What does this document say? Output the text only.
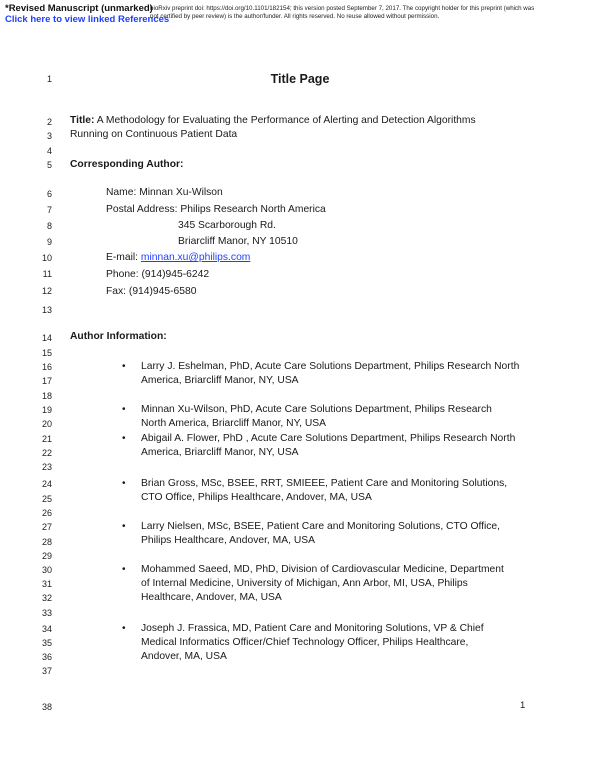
bioRxiv preprint doi: https://doi.org/10.1101/182154; this version posted September 7, 2017. The copyright holder for this preprint (which was
not certified by peer review) is the author/funder. All rights reserved. No reuse allowed without permission.
*Revised Manuscript (unmarked)
Click here to view linked References
1
2
3
4
5
6
7
8
9
10
11
12
13
14
15
16
17
18
19
20
21
22
23
24
25
26
27
28
29
30
31
32
33
34
35
36
37
38
Title Page
Title: A Methodology for Evaluating the Performance of Alerting and Detection Algorithms
Running on Continuous Patient Data
Corresponding Author:
Name: Minnan Xu-Wilson
Postal Address: Philips Research North America
345 Scarborough Rd.
Briarcliff Manor, NY 10510
E-mail: minnan.xu@philips.com
Phone: (914)945-6242
Fax: (914)945-6580
Author Information:
• Larry J. Eshelman, PhD, Acute Care Solutions Department, Philips Research North
America, Briarcliff Manor, NY, USA
• Minnan Xu-Wilson, PhD, Acute Care Solutions Department, Philips Research
North America, Briarcliff Manor, NY, USA
• Abigail A. Flower, PhD , Acute Care Solutions Department, Philips Research North
America, Briarcliff Manor, NY, USA
• Brian Gross, MSc, BSEE, RRT, SMIEEE, Patient Care and Monitoring Solutions,
CTO Office, Philips Healthcare, Andover, MA, USA
• Larry Nielsen, MSc, BSEE, Patient Care and Monitoring Solutions, CTO Office,
Philips Healthcare, Andover, MA, USA
• Mohammed Saeed, MD, PhD, Division of Cardiovascular Medicine, Department
of Internal Medicine, University of Michigan, Ann Arbor, MI, USA, Philips
Healthcare, Andover, MA, USA
• Joseph J. Frassica, MD, Patient Care and Monitoring Solutions, VP & Chief
Medical Informatics Officer/Chief Technology Officer, Philips Healthcare,
Andover, MA, USA
1
